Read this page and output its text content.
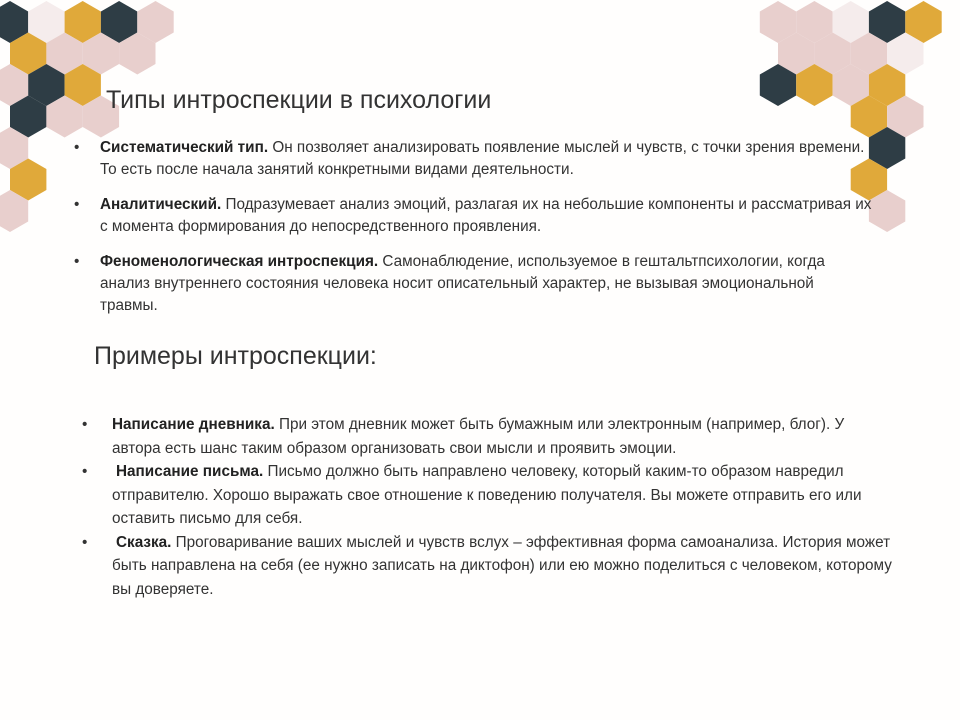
Типы интроспекции в психологии
• Систематический тип. Он позволяет анализировать появление мыслей и чувств, с точки зрения времени. То есть после начала занятий конкретными видами деятельности.
• Аналитический. Подразумевает анализ эмоций, разлагая их на небольшие компоненты и рассматривая их с момента формирования до непосредственного проявления.
• Феноменологическая интроспекция. Самонаблюдение, используемое в гештальтпсихологии, когда анализ внутреннего состояния человека носит описательный характер, не вызывая эмоциональной травмы.
Примеры интроспекции:
• Написание дневника. При этом дневник может быть бумажным или электронным (например, блог). У автора есть шанс таким образом организовать свои мысли и проявить эмоции.
• Написание письма. Письмо должно быть направлено человеку, который каким-то образом навредил отправителю. Хорошо выражать свое отношение к поведению получателя. Вы можете отправить его или оставить письмо для себя.
• Сказка. Проговаривание ваших мыслей и чувств вслух – эффективная форма самоанализа. История может быть направлена на себя (ее нужно записать на диктофон) или ею можно поделиться с человеком, которому вы доверяете.
